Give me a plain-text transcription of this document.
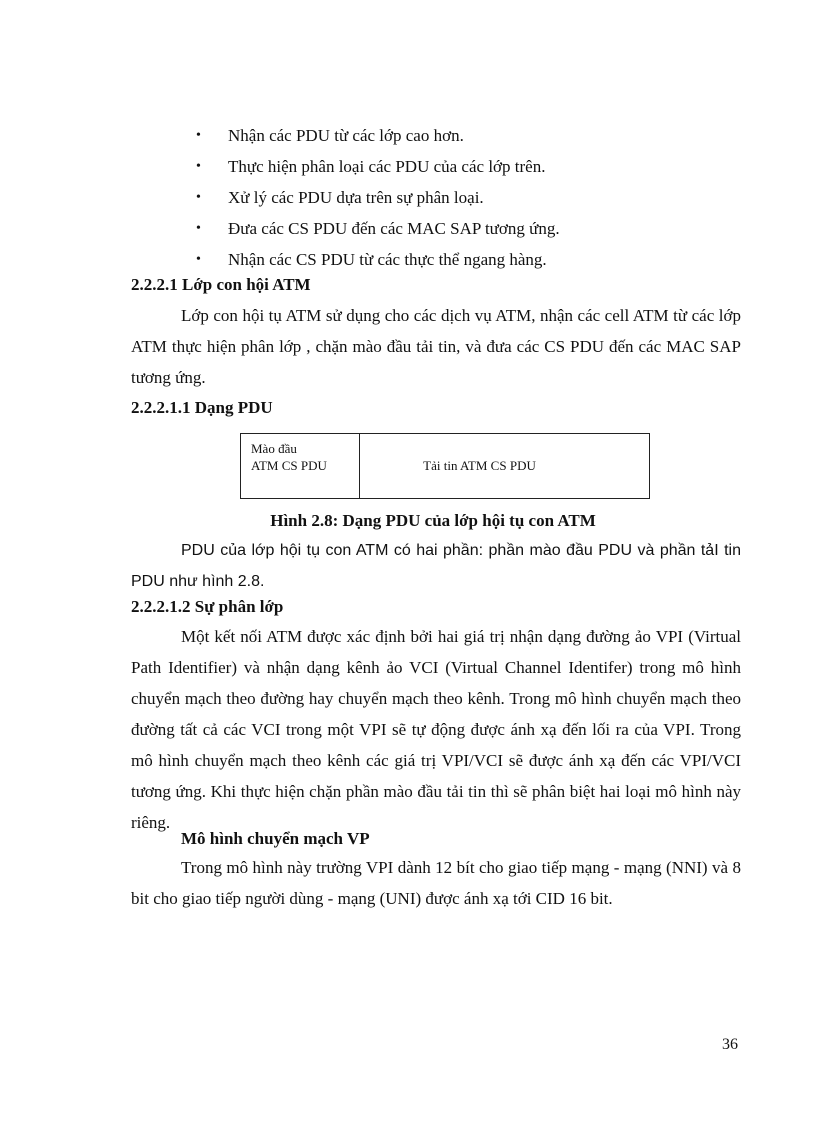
• Nhận các PDU từ các lớp cao hơn.
• Thực hiện phân loại các PDU của các lớp trên.
• Xử lý các PDU dựa trên sự phân loại.
• Đưa các CS PDU đến các MAC SAP tương ứng.
• Nhận các CS PDU từ các thực thể ngang hàng.
2.2.2.1 Lớp con hội ATM

Lớp con hội tụ ATM sử dụng cho các dịch vụ ATM, nhận các cell ATM từ các lớp ATM thực hiện phân lớp , chặn mào đầu tải tin, và đưa các CS PDU đến các MAC SAP tương ứng.

2.2.2.1.1 Dạng PDU
Mào đầu
ATM CS PDU	Tải tin ATM CS PDU
Hình 2.8: Dạng PDU của lớp hội tụ con ATM

PDU của lớp hội tụ con ATM có hai phần: phần mào đầu PDU và phần tảI tin PDU như hình 2.8.

2.2.2.1.2 Sự phân lớp

Một kết nối ATM được xác định bởi hai giá trị nhận dạng đường ảo VPI (Virtual Path Identifier) và nhận dạng kênh ảo VCI (Virtual Channel Identifer) trong mô hình chuyển mạch theo đường hay chuyển mạch theo kênh. Trong mô hình chuyển mạch theo đường tất cả các VCI trong một VPI sẽ tự động được ánh xạ đến lối ra của VPI. Trong mô hình chuyển mạch theo kênh các giá trị VPI/VCI sẽ được ánh xạ đến các VPI/VCI tương ứng. Khi thực hiện chặn phần mào đầu tải tin thì sẽ phân biệt hai loại mô hình này riêng.

Mô hình chuyển mạch VP

Trong mô hình này trường VPI dành 12 bít cho giao tiếp mạng - mạng (NNI) và 8 bit cho giao tiếp người dùng - mạng (UNI) được ánh xạ tới CID 16 bit.

36
